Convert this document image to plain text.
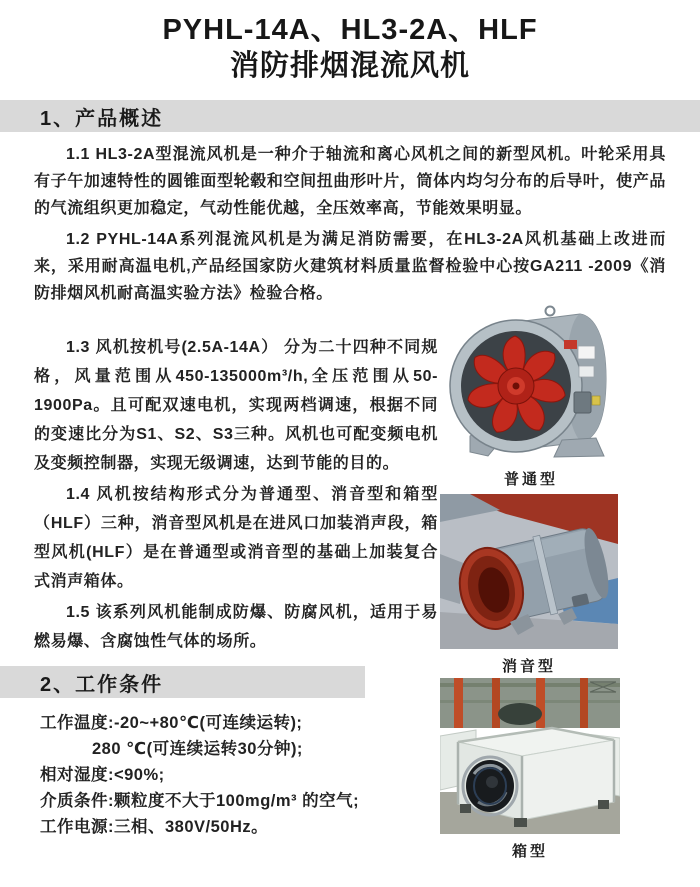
PYHL-14A、HL3-2A、HLF
消防排烟混流风机
1、产品概述

1.1 HL3-2A型混流风机是一种介于轴流和离心风机之间的新型风机。叶轮采用具有子午加速特性的圆锥面型轮毂和空间扭曲形叶片，筒体内均匀分布的后导叶，使产品的气流组织更加稳定，气动性能优越，全压效率高，节能效果明显。

1.2 PYHL-14A系列混流风机是为满足消防需要，在HL3-2A风机基础上改进而来，采用耐高温电机,产品经国家防火建筑材料质量监督检验中心按GA211 -2009《消防排烟风机耐高温实验方法》检验合格。

1.3 风机按机号(2.5A-14A） 分为二十四种不同规格，风量范围从450-135000m³/h,全压范围从50-1900Pa。且可配双速电机，实现两档调速，根据不同的变速比分为S1、S2、S3三种。风机也可配变频电机及变频控制器，实现无级调速，达到节能的目的。

1.4 风机按结构形式分为普通型、消音型和箱型（HLF）三种，消音型风机是在进风口加装消声段，箱型风机(HLF）是在普通型或消音型的基础上加装复合式消声箱体。

1.5 该系列风机能制成防爆、防腐风机，适用于易燃易爆、含腐蚀性气体的场所。

2、工作条件
工作温度:-20~+80℃(可连续运转);
280 ℃(可连续运转30分钟);
相对湿度:<90%;
介质条件:颗粒度不大于100mg/m³ 的空气;
工作电源:三相、380V/50Hz。
普通型
消音型
箱型
